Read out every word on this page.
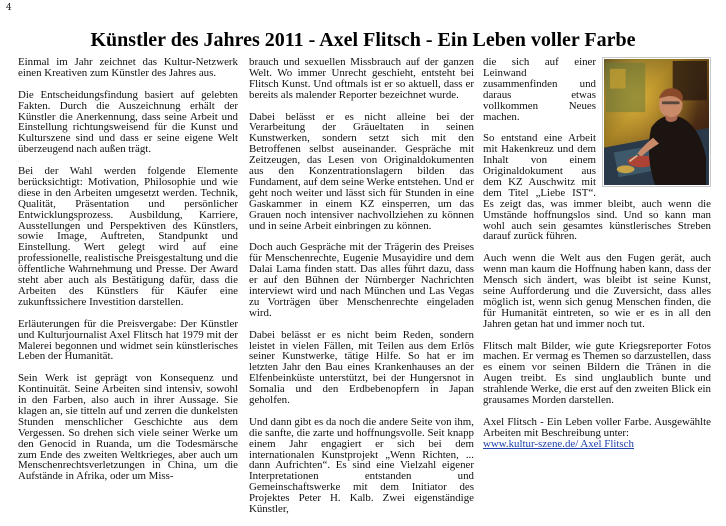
4
Künstler des Jahres 2011 - Axel Flitsch - Ein Leben voller Farbe

Einmal im Jahr zeichnet das Kultur-Netzwerk einen Kreativen zum Künstler des Jahres aus.

Die Entscheidungsfindung basiert auf gelebten Fakten. Durch die Auszeichnung erhält der Künstler die Anerkennung, dass seine Arbeit und Einstellung richtungsweisend für die Kunst und Kulturszene sind und dass er seine eigene Welt überzeugend nach außen trägt.

Bei der Wahl werden folgende Elemente berücksichtigt: Motivation, Philosophie und wie diese in den Arbeiten umgesetzt werden. Technik, Qualität, Präsentation und persönlicher Entwicklungsprozess. Ausbildung, Karriere, Ausstellungen und Perspektiven des Künstlers, sowie Image, Auftreten, Standpunkt und Einstellung. Wert gelegt wird auf eine professionelle, realistische Preisgestaltung und die öffentliche Wahrnehmung und Presse. Der Award steht aber auch als Bestätigung dafür, dass die Arbeiten des Künstlers für Käufer eine zukunftssichere Investition darstellen.

Erläuterungen für die Preisvergabe: Der Künstler und Kulturjournalist Axel Flitsch hat 1979 mit der Malerei begonnen und widmet sein künstlerisches Leben der Humanität.

Sein Werk ist geprägt von Konsequenz und Kontinuität. Seine Arbeiten sind intensiv, sowohl in den Farben, also auch in ihrer Aussage. Sie klagen an, sie titteln auf und zerren die dunkelsten Stunden menschlicher Geschichte aus dem Vergessen. So drehen sich viele seiner Werke um den Genocid in Ruanda, um die Todesmärsche zum Ende des zweiten Weltkrieges, aber auch um Menschenrechtsverletzungen in China, um die Aufstände in Afrika, oder um Miss-

brauch und sexuellen Missbrauch auf der ganzen Welt. Wo immer Unrecht geschieht, entsteht bei Flitsch Kunst. Und oftmals ist er so aktuell, dass er bereits als malender Reporter bezeichnet wurde.

Dabei belässt er es nicht alleine bei der Verarbeitung der Gräueltaten in seinen Kunstwerken, sondern setzt sich mit den Betroffenen selbst auseinander. Gespräche mit Zeitzeugen, das Lesen von Originaldokumenten aus den Konzentrationslagern bilden das Fundament, auf dem seine Werke entstehen. Und er geht noch weiter und lässt sich für Stunden in eine Gaskammer in einem KZ einsperren, um das Grauen noch intensiver nachvollziehen zu können und in seine Arbeit einbringen zu können.

Doch auch Gespräche mit der Trägerin des Preises für Menschenrechte, Eugenie Musayidire und dem Dalai Lama finden statt. Das alles führt dazu, dass er auf den Bühnen der Nürnberger Nachrichten interviewt wird und nach München und Las Vegas zu Vorträgen über Menschenrechte eingeladen wird.

Dabei belässt er es nicht beim Reden, sondern leistet in vielen Fällen, mit Teilen aus dem Erlös seiner Kunstwerke, tätige Hilfe. So hat er im letzten Jahr den Bau eines Krankenhauses an der Elfenbeinküste unterstützt, bei der Hungersnot in Somalia und den Erdbebenopfern in Japan geholfen.

Und dann gibt es da noch die andere Seite von ihm, die sanfte, die zarte und hoffnungsvolle. Seit knapp einem Jahr engagiert er sich bei dem internationalen Kunstprojekt „Wenn Richten, ... dann Aufrichten“. Es sind eine Vielzahl eigener Interpretationen entstanden und Gemeinschaftswerke mit dem Initiator des Projektes Peter H. Kalb. Zwei eigenständige Künstler,

die sich auf einer Leinwand zusammenfinden und daraus etwas vollkommen Neues machen.

So entstand eine Arbeit mit Hakenkreuz und dem Inhalt von einem Originaldokument aus dem KZ Auschwitz mit dem Titel „Liebe IST“. Es zeigt das, was immer bleibt, auch wenn die Umstände hoffnungslos sind. Und so kann man wohl auch sein gesamtes künstlerisches Streben darauf zurück führen.

Auch wenn die Welt aus den Fugen gerät, auch wenn man kaum die Hoffnung haben kann, dass der Mensch sich ändert, was bleibt ist seine Kunst, seine Aufforderung und die Zuversicht, dass alles möglich ist, wenn sich genug Menschen finden, die für Humanität eintreten, so wie er es in all den Jahren getan hat und immer noch tut.

Flitsch malt Bilder, wie gute Kriegsreporter Fotos machen. Er vermag es Themen so darzustellen, dass es einem vor seinen Bildern die Tränen in die Augen treibt. Es sind unglaublich bunte und strahlende Werke, die erst auf den zweiten Blick ein grausames Morden darstellen.

Axel Flitsch - Ein Leben voller Farbe. Ausgewählte Arbeiten mit Beschreibung unter:
www.kultur-szene.de/ Axel Flitsch
